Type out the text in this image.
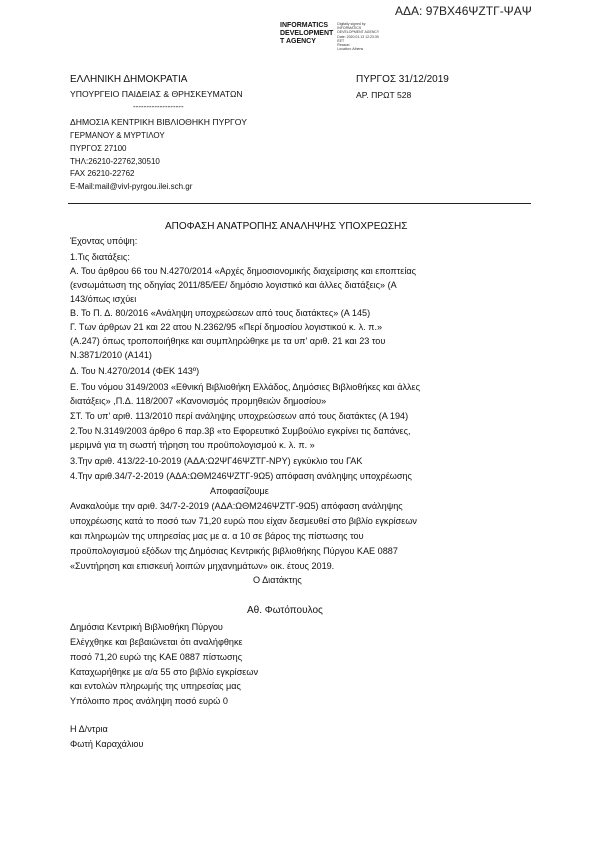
ΑΔΑ: 97ΒΧ46ΨΖΤΓ-ΨΑΨ
INFORMATICS
DEVELOPMENT
T AGENCY
Digitally signed by
INFORMATICS
DEVELOPMENT AGENCY
Date: 2020.01.13 12:23:39
EET
Reason:
Location: Athens
ΕΛΛΗΝΙΚΗ ΔΗΜΟΚΡΑΤΙΑ
ΥΠΟΥΡΓΕΙΟ ΠΑΙΔΕΙΑΣ & ΘΡΗΣΚΕΥΜΑΤΩΝ
-------------------
ΔΗΜΟΣΙΑ ΚΕΝΤΡΙΚΗ ΒΙΒΛΙΟΘΗΚΗ ΠΥΡΓΟΥ
ΓΕΡΜΑΝΟΥ & ΜΥΡΤΙΛΟΥ
ΠΥΡΓΟΣ 27100
ΤΗΛ:26210-22762,30510
FAX 26210-22762
E-Mail:mail@vivl-pyrgou.ilei.sch.gr
ΠΥΡΓΟΣ 31/12/2019
ΑΡ. ΠΡΩΤ 528
ΑΠΟΦΑΣΗ ΑΝΑΤΡΟΠΗΣ ΑΝΑΛΗΨΗΣ ΥΠΟΧΡΕΩΣΗΣ
Έχοντας υπόψη:
1.Τις διατάξεις:
Α. Του άρθρου 66 του Ν.4270/2014 «Αρχές δημοσιονομικής διαχείρισης και εποπτείας
(ενσωμάτωση της οδηγίας 2011/85/ΕΕ/ δημόσιο λογιστικό και άλλες διατάξεις» (Α
143/όπως ισχύει
Β. Το Π. Δ. 80/2016 «Ανάληψη υποχρεώσεων από τους διατάκτες» (Α 145)
Γ. Των άρθρων 21 και 22 ατου Ν.2362/95 «Περί δημοσίου λογιστικού κ. λ. π.»
(Α.247) όπως τροποποιήθηκε και συμπληρώθηκε με τα υπ' αριθ. 21 και 23 του
Ν.3871/2010 (Α141)
Δ. Του Ν.4270/2014 (ΦΕΚ 143º)
Ε. Του νόμου 3149/2003 «Εθνική Βιβλιοθήκη Ελλάδος, Δημόσιες Βιβλιοθήκες και άλλες
διατάξεις» ,Π.Δ. 118/2007 «Κανονισμός προμηθειών δημοσίου»
ΣΤ. Το υπ' αριθ. 113/2010 περί ανάληψης υποχρεώσεων από τους διατάκτες (Α 194)
2.Του Ν.3149/2003 άρθρο 6 παρ.3β «το Εφορευτικό Συμβούλιο εγκρίνει τις δαπάνες,
μεριμνά για τη σωστή τήρηση του προϋπολογισμού κ. λ. π. »
3.Την αριθ. 413/22-10-2019 (ΑΔΑ:Ω2ΨΓ46ΨΖΤΓ-ΝΡΥ) εγκύκλιο του ΓΑΚ
4.Την αριθ.34/7-2-2019 (ΑΔΑ:ΩΘΜ246ΨΖΤΓ-9Ω5) απόφαση ανάληψης υποχρέωσης
Αποφασίζουμε
Ανακαλούμε την αριθ. 34/7-2-2019 (ΑΔΑ:ΩΘΜ246ΨΖΤΓ-9Ω5) απόφαση ανάληψης
υποχρέωσης κατά το ποσό των 71,20 ευρώ που είχαν δεσμευθεί στο βιβλίο εγκρίσεων
και πληρωμών της υπηρεσίας μας με α. α 10 σε βάρος της πίστωσης του
προϋπολογισμού εξόδων της Δημόσιας Κεντρικής βιβλιοθήκης Πύργου ΚΑΕ 0887
«Συντήρηση και επισκευή λοιπών μηχανημάτων» οικ. έτους 2019.
Ο Διατάκτης
Αθ. Φωτόπουλος
Δημόσια Κεντρική Βιβλιοθήκη Πύργου
Ελέγχθηκε και βεβαιώνεται ότι αναλήφθηκε
ποσό 71,20 ευρώ της ΚΑΕ 0887 πίστωσης
Καταχωρήθηκε με α/α 55 στο βιβλίο εγκρίσεων
και εντολών πληρωμής της υπηρεσίας μας
Υπόλοιπο προς ανάληψη ποσό ευρώ 0
Η Δ/ντρια
Φωτή Καραχάλιου
